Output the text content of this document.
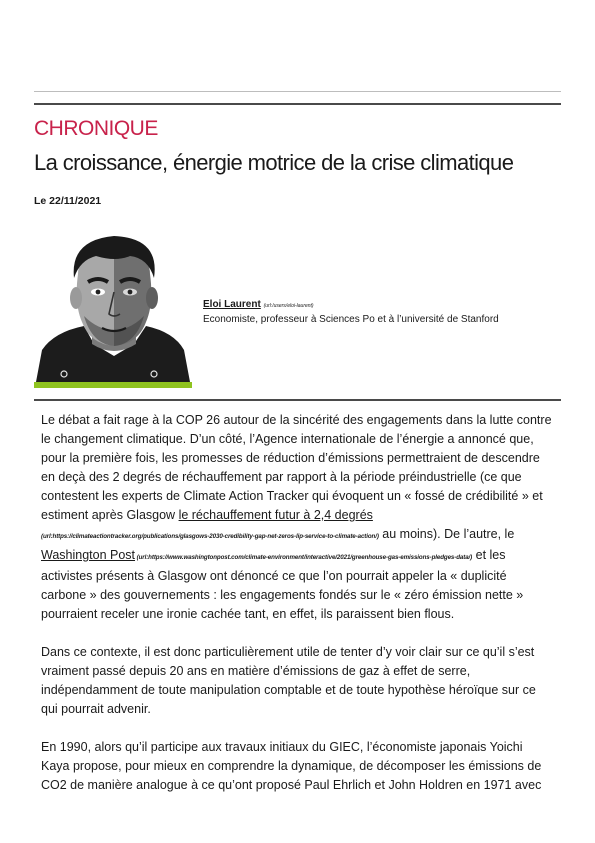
CHRONIQUE
La croissance, énergie motrice de la crise climatique
Le 22/11/2021
Eloi Laurent (url:/users/eloi-laurent)
Economiste, professeur à Sciences Po et à l’université de Stanford

Le débat a fait rage à la COP 26 autour de la sincérité des engagements dans la lutte contre le changement climatique. D’un côté, l’Agence internationale de l’énergie a annoncé que, pour la première fois, les promesses de réduction d’émissions permettraient de descendre en deçà des 2 degrés de réchauffement par rapport à la période préindustrielle (ce que contestent les experts de Climate Action Tracker qui évoquent un « fossé de crédibilité » et estiment après Glasgow le réchauffement futur à 2,4 degrés
(url:https://climateactiontracker.org/publications/glasgows-2030-credibility-gap-net-zeros-lip-service-to-climate-action/) au moins). De l’autre, le Washington Post (url:https://www.washingtonpost.com/climate-environment/interactive/2021/greenhouse-gas-emissions-pledges-data/) et les activistes présents à Glasgow ont dénoncé ce que l’on pourrait appeler la « duplicité carbone » des gouvernements : les engagements fondés sur le « zéro émission nette » pourraient receler une ironie cachée tant, en effet, ils paraissent bien flous.

Dans ce contexte, il est donc particulièrement utile de tenter d’y voir clair sur ce qu’il s’est vraiment passé depuis 20 ans en matière d’émissions de gaz à effet de serre, indépendamment de toute manipulation comptable et de toute hypothèse héroïque sur ce qui pourrait advenir.

En 1990, alors qu’il participe aux travaux initiaux du GIEC, l’économiste japonais Yoichi Kaya propose, pour mieux en comprendre la dynamique, de décomposer les émissions de CO2 de manière analogue à ce qu’ont proposé Paul Ehrlich et John Holdren en 1971 avec
